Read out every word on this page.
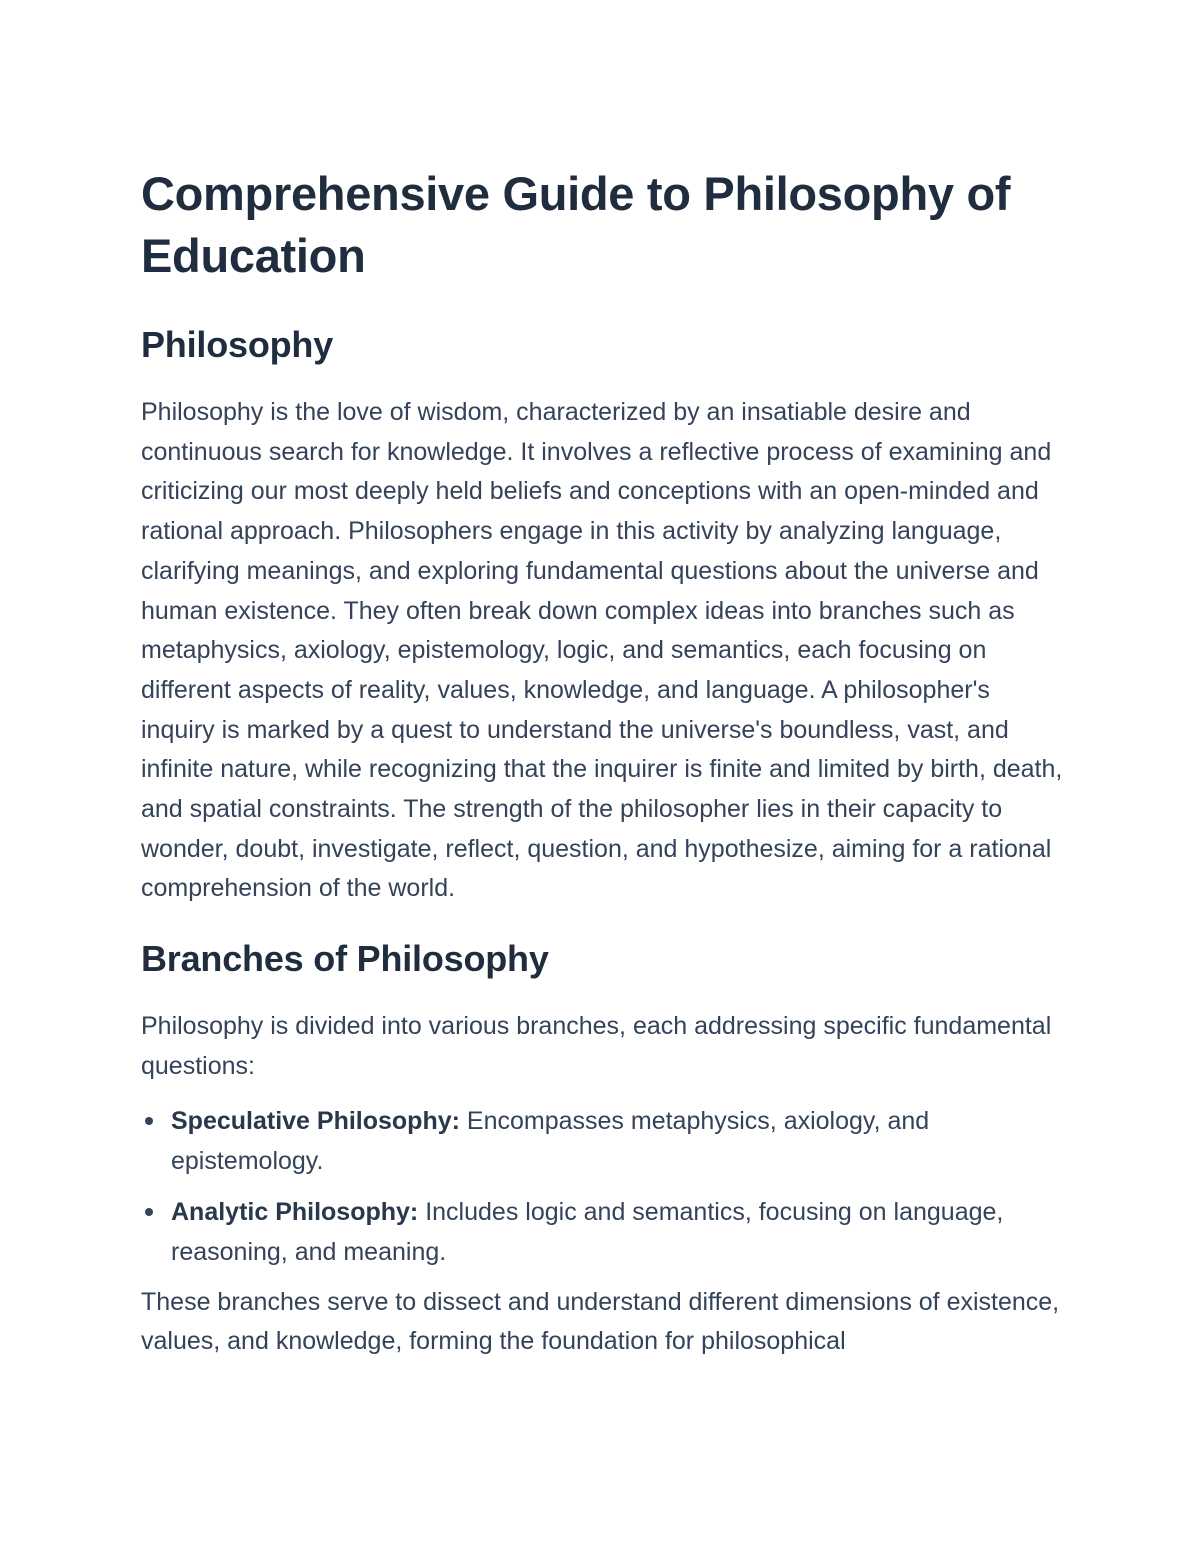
Comprehensive Guide to Philosophy of Education
Philosophy

Philosophy is the love of wisdom, characterized by an insatiable desire and continuous search for knowledge. It involves a reflective process of examining and criticizing our most deeply held beliefs and conceptions with an open-minded and rational approach. Philosophers engage in this activity by analyzing language, clarifying meanings, and exploring fundamental questions about the universe and human existence. They often break down complex ideas into branches such as metaphysics, axiology, epistemology, logic, and semantics, each focusing on different aspects of reality, values, knowledge, and language. A philosopher's inquiry is marked by a quest to understand the universe's boundless, vast, and infinite nature, while recognizing that the inquirer is finite and limited by birth, death, and spatial constraints. The strength of the philosopher lies in their capacity to wonder, doubt, investigate, reflect, question, and hypothesize, aiming for a rational comprehension of the world.

Branches of Philosophy

Philosophy is divided into various branches, each addressing specific fundamental questions:

Speculative Philosophy: Encompasses metaphysics, axiology, and epistemology.
Analytic Philosophy: Includes logic and semantics, focusing on language, reasoning, and meaning.

These branches serve to dissect and understand different dimensions of existence, values, and knowledge, forming the foundation for philosophical
